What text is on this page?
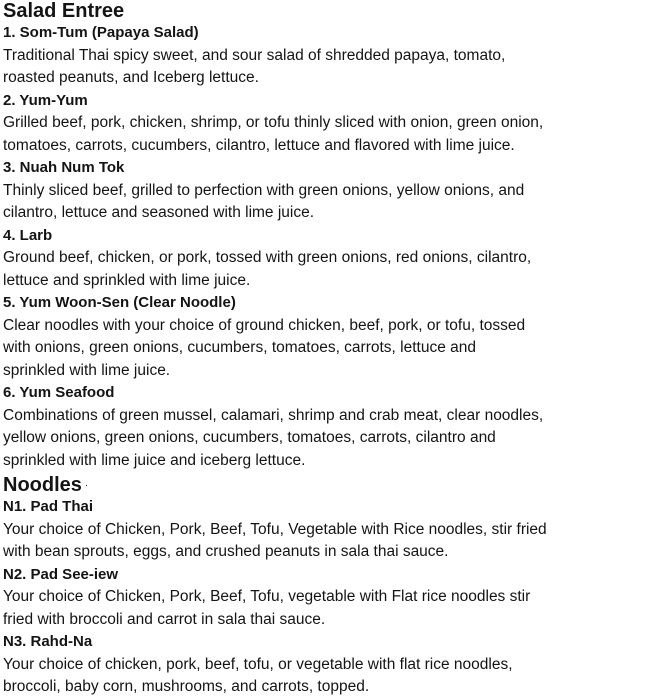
Salad Entree
1. Som-Tum (Papaya Salad)
Traditional Thai spicy sweet, and sour salad of shredded papaya, tomato,
roasted peanuts, and Iceberg lettuce.
2. Yum-Yum
Grilled beef, pork, chicken, shrimp, or tofu thinly sliced with onion, green onion,
tomatoes, carrots, cucumbers, cilantro, lettuce and flavored with lime juice.
3. Nuah Num Tok
Thinly sliced beef, grilled to perfection with green onions, yellow onions, and
cilantro, lettuce and seasoned with lime juice.
4. Larb
Ground beef, chicken, or pork, tossed with green onions, red onions, cilantro,
lettuce and sprinkled with lime juice.
5. Yum Woon-Sen (Clear Noodle)
Clear noodles with your choice of ground chicken, beef, pork, or tofu, tossed
with onions, green onions, cucumbers, tomatoes, carrots, lettuce and
sprinkled with lime juice.
6. Yum Seafood
Combinations of green mussel, calamari, shrimp and crab meat, clear noodles,
yellow onions, green onions, cucumbers, tomatoes, carrots, cilantro and
sprinkled with lime juice and iceberg lettuce.
Noodles ·
N1. Pad Thai
Your choice of Chicken, Pork, Beef, Tofu, Vegetable with Rice noodles, stir fried
with bean sprouts, eggs, and crushed peanuts in sala thai sauce.
N2. Pad See-iew
Your choice of Chicken, Pork, Beef, Tofu, vegetable with Flat rice noodles stir
fried with broccoli and carrot in sala thai sauce.
N3. Rahd-Na
Your choice of chicken, pork, beef, tofu, or vegetable with flat rice noodles,
broccoli, baby corn, mushrooms, and carrots, topped.
